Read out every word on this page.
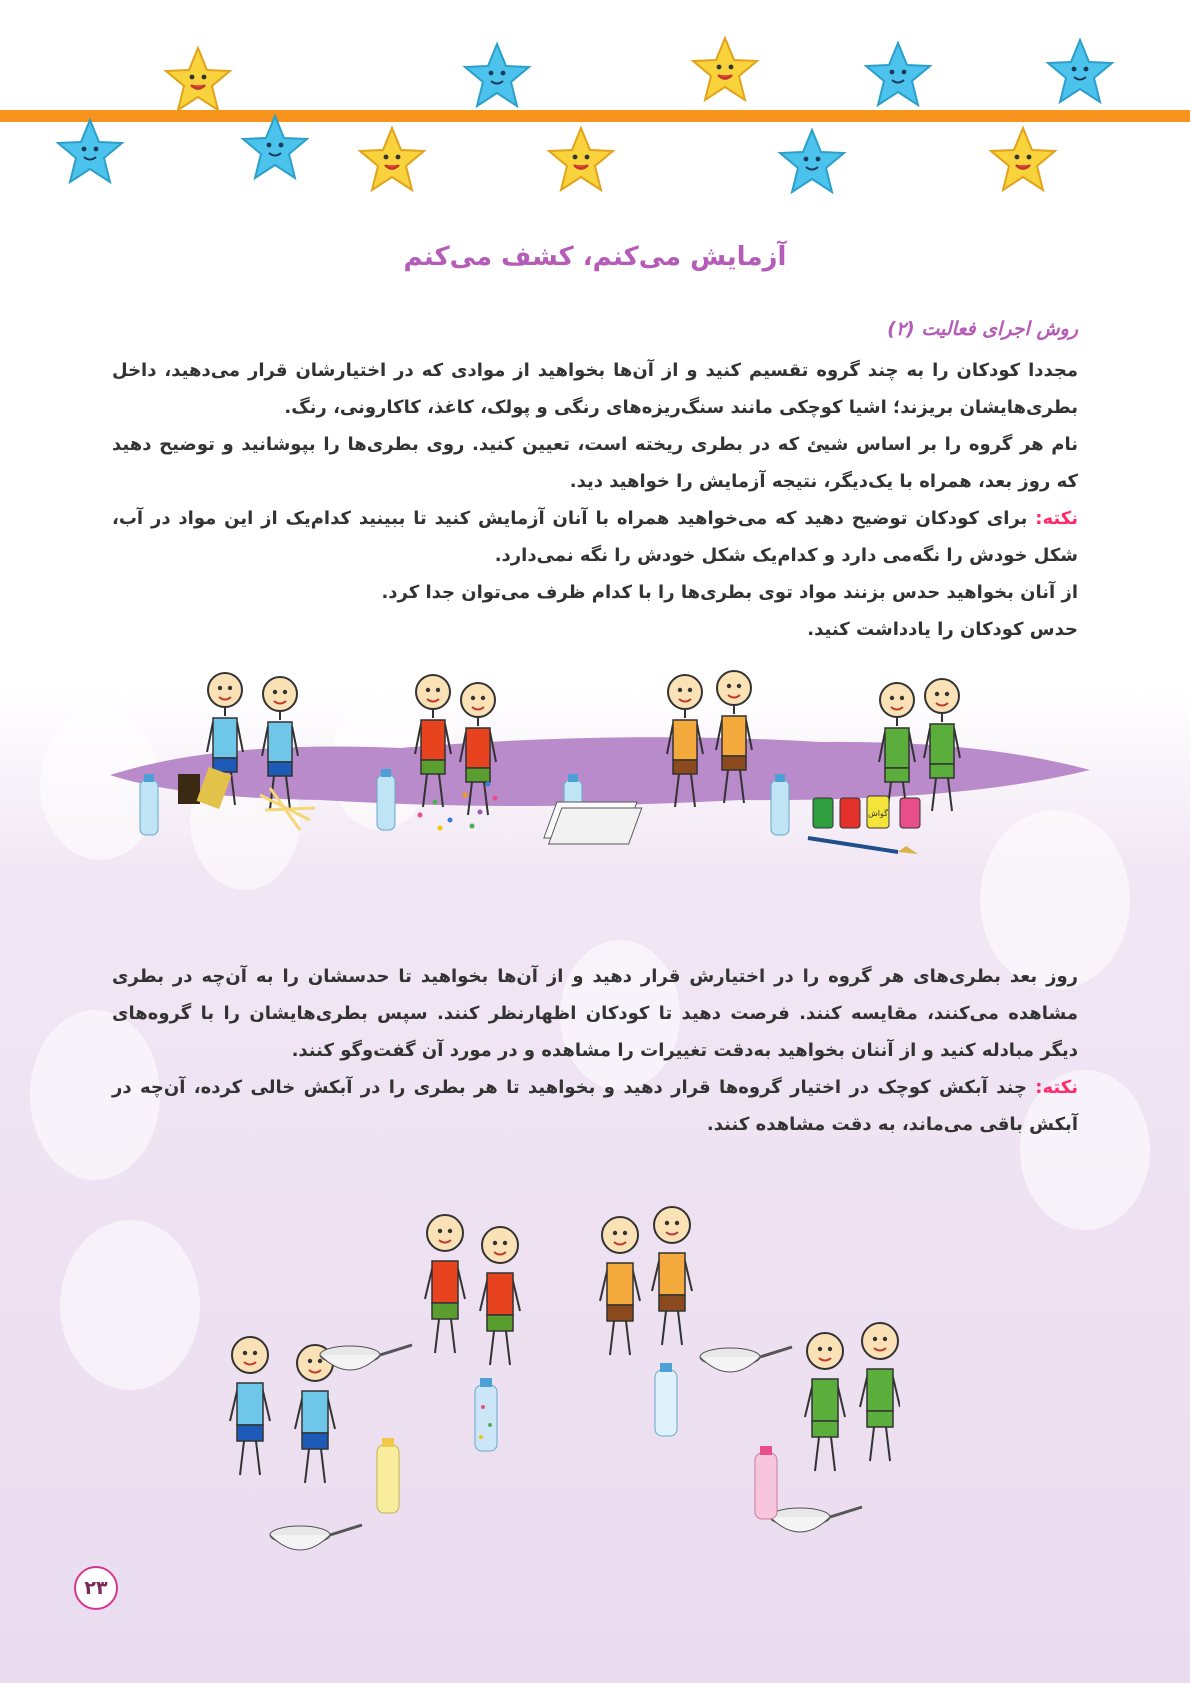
آزمایش می‌کنم، کشف می‌کنم
روش اجرای فعالیت (۲)
مجددا کودکان را به چند گروه تقسیم کنید و از آن‌ها بخواهید از موادی که در اختیارشان قرار می‌دهید، داخل بطری‌هایشان بریزند؛ اشیا کوچکی مانند سنگ‌ریزه‌های رنگی و پولک، کاغذ، کاکارونی، رنگ.
نام هر گروه را بر اساس شیئ که در بطری ریخته است، تعیین کنید. روی بطری‌ها را بپوشانید و توضیح دهید که روز بعد، همراه با یک‌دیگر، نتیجه آزمایش را خواهید دید.
نکته: برای کودکان توضیح دهید که می‌خواهید همراه با آنان آزمایش کنید تا ببینید کدام‌یک از این مواد در آب، شکل خودش را نگه‌می دارد و کدام‌یک شکل خودش را نگه نمی‌دارد.
از آنان بخواهید حدس بزنند مواد توی بطری‌ها را با کدام ظرف می‌توان جدا کرد.
حدس کودکان را یادداشت کنید.
گواش
روز بعد بطری‌های هر گروه را در اختیارش قرار دهید و از آن‌ها بخواهید تا حدسشان را به آن‌چه در بطری مشاهده می‌کنند، مقایسه کنند. فرصت دهید تا کودکان اظهارنظر کنند. سپس بطری‌هایشان را با گروه‌های دیگر مبادله کنید و از آننان بخواهید به‌دقت تغییرات را مشاهده و در مورد آن گفت‌وگو کنند.
نکته: چند آبکش کوچک در اختیار گروه‌ها قرار دهید و بخواهید تا هر بطری را در آبکش خالی کرده، آن‌چه در آبکش باقی می‌ماند، به دقت مشاهده کنند.
۲۳
